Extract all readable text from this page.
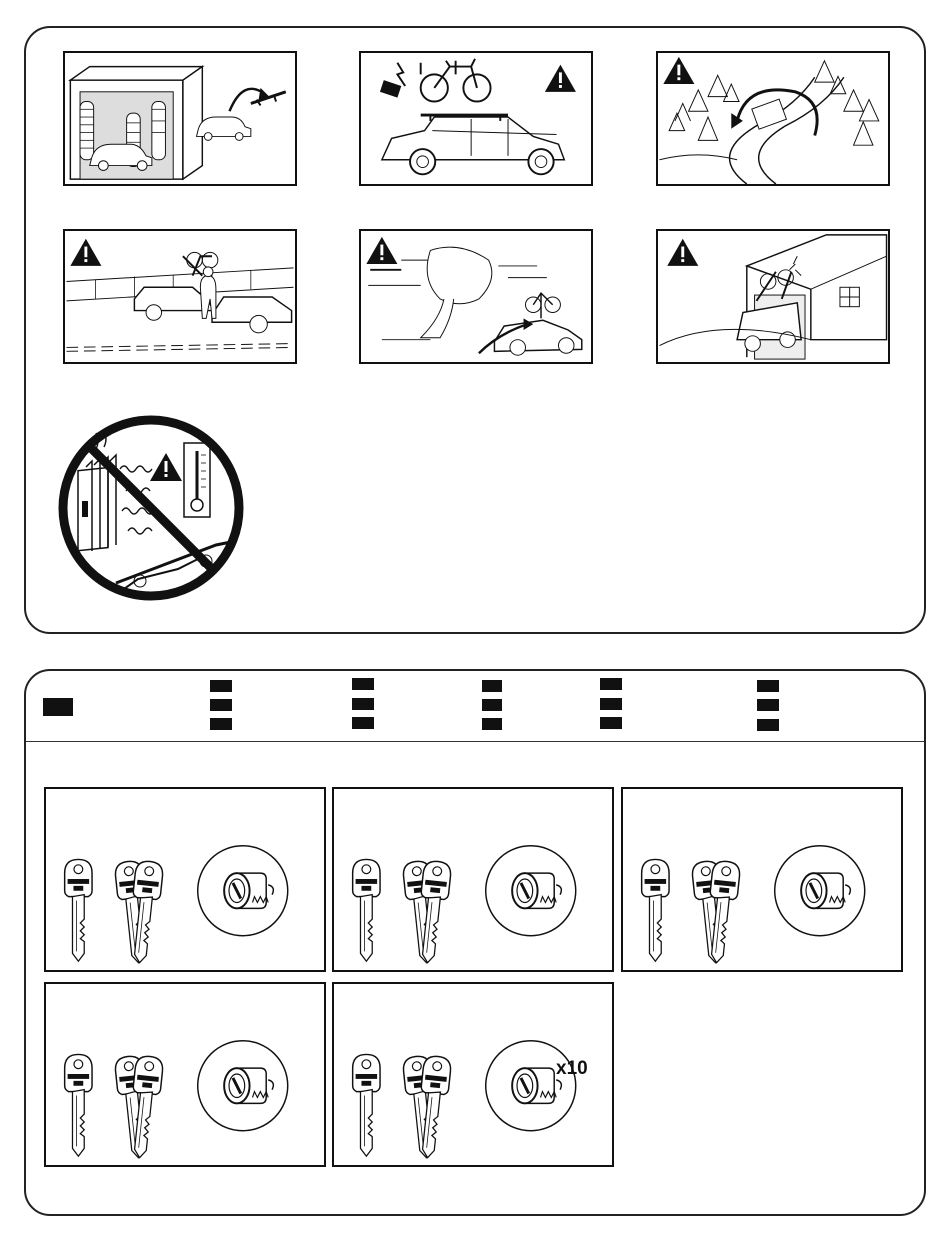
x10
